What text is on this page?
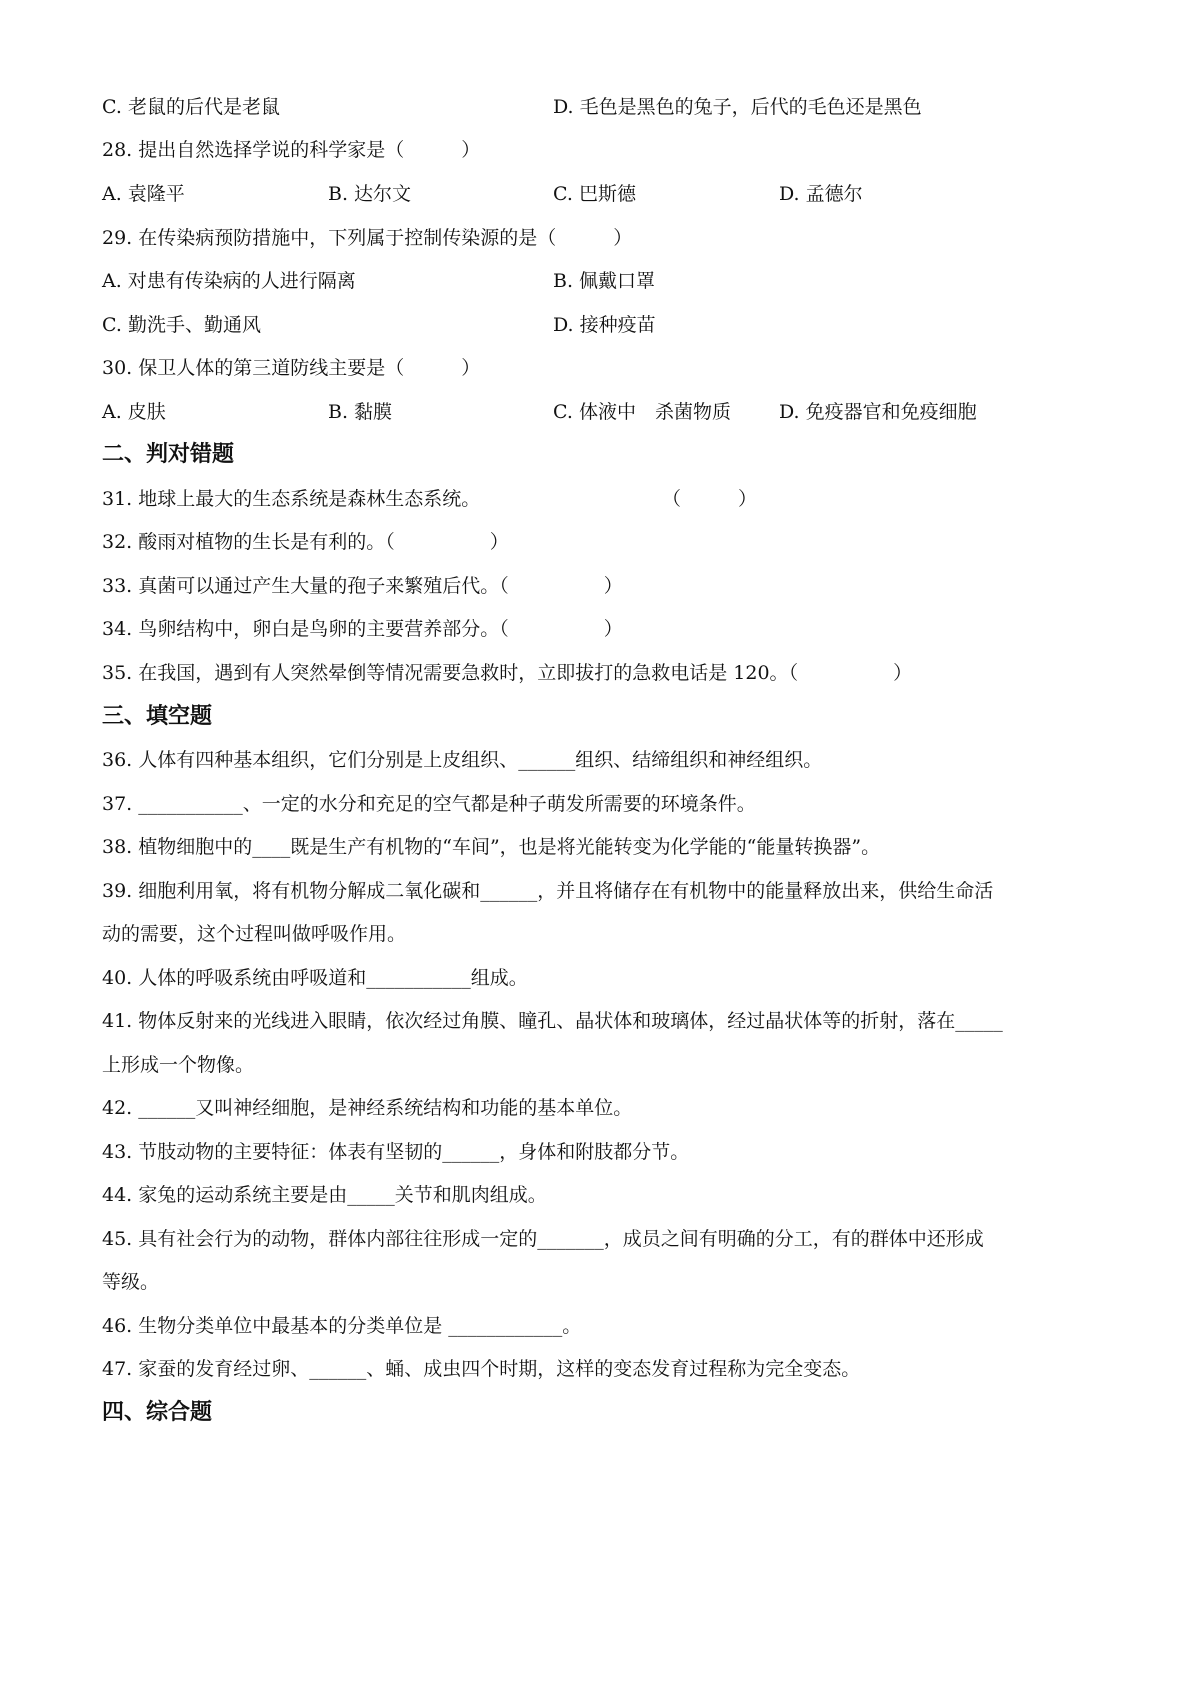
C. 老鼠的后代是老鼠	D. 毛色是黑色的兔子，后代的毛色还是黑色
28. 提出自然选择学说的科学家是（　　　）
A. 袁隆平	B. 达尔文	C. 巴斯德	D. 孟德尔
29. 在传染病预防措施中，下列属于控制传染源的是（　　　）
A. 对患有传染病的人进行隔离	B. 佩戴口罩
C. 勤洗手、勤通风	D. 接种疫苗
30. 保卫人体的第三道防线主要是（　　　）
A. 皮肤	B. 黏膜	C. 体液中　杀菌物质	D. 免疫器官和免疫细胞
二、判对错题
31. 地球上最大的生态系统是森林生态系统。	（　　　）
32. 酸雨对植物的生长是有利的。（　　　　　）
33. 真菌可以通过产生大量的孢子来繁殖后代。（　　　　　）
34. 鸟卵结构中，卵白是鸟卵的主要营养部分。（　　　　　）
35. 在我国，遇到有人突然晕倒等情况需要急救时，立即拔打的急救电话是 120。（　　　　　）
三、填空题
36. 人体有四种基本组织，它们分别是上皮组织、______组织、结缔组织和神经组织。
37. ___________、一定的水分和充足的空气都是种子萌发所需要的环境条件。
38. 植物细胞中的____既是生产有机物的“车间”，也是将光能转变为化学能的“能量转换器”。
39. 细胞利用氧，将有机物分解成二氧化碳和______，并且将储存在有机物中的能量释放出来，供给生命活
动的需要，这个过程叫做呼吸作用。
40. 人体的呼吸系统由呼吸道和___________组成。
41. 物体反射来的光线进入眼睛，依次经过角膜、瞳孔、晶状体和玻璃体，经过晶状体等的折射，落在_____
上形成一个物像。
42. ______又叫神经细胞，是神经系统结构和功能的基本单位。
43. 节肢动物的主要特征：体表有坚韧的______，身体和附肢都分节。
44. 家兔的运动系统主要是由_____关节和肌肉组成。
45. 具有社会行为的动物，群体内部往往形成一定的_______，成员之间有明确的分工，有的群体中还形成
等级。
46. 生物分类单位中最基本的分类单位是 ____________。
47. 家蚕的发育经过卵、______、蛹、成虫四个时期，这样的变态发育过程称为完全变态。
四、综合题
